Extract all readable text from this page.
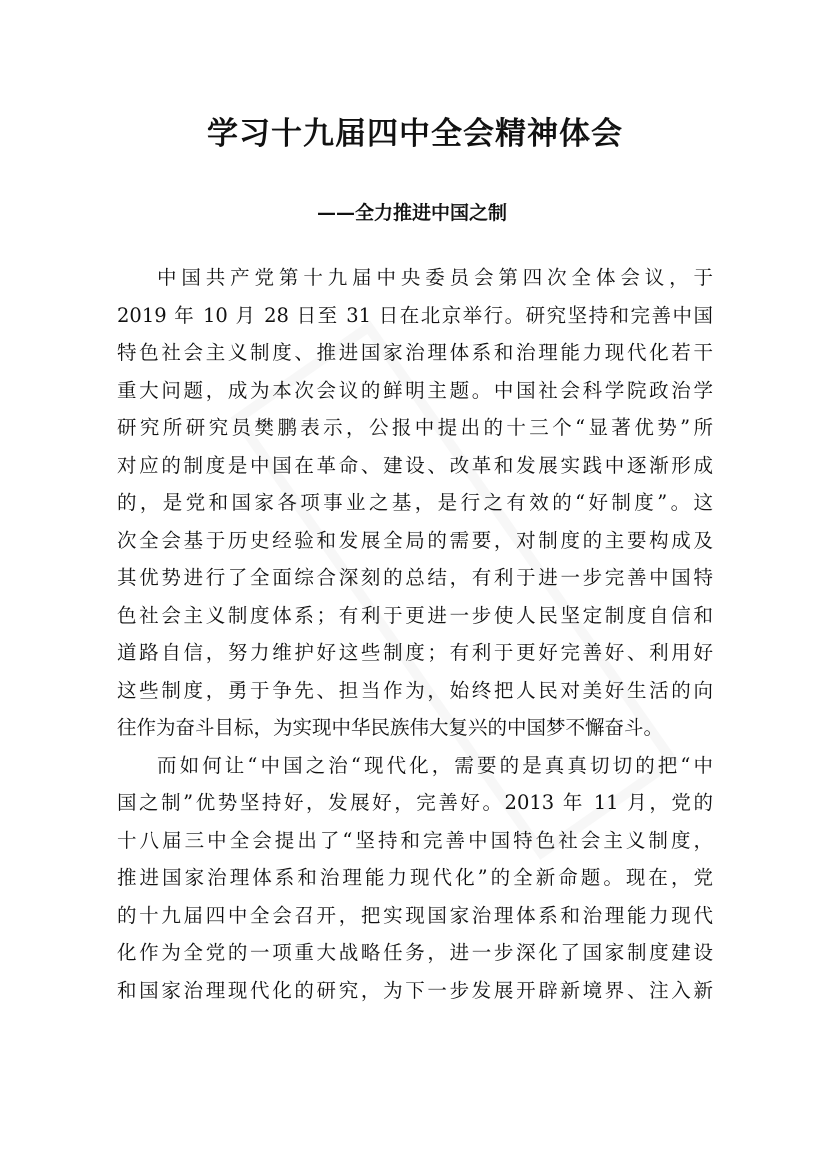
学习十九届四中全会精神体会

——全力推进中国之制

中国共产党第十九届中央委员会第四次全体会议，于
2019 年 10 月 28 日至 31 日在北京举行。研究坚持和完善中国
特色社会主义制度、推进国家治理体系和治理能力现代化若干
重大问题，成为本次会议的鲜明主题。中国社会科学院政治学
研究所研究员樊鹏表示，公报中提出的十三个“显著优势”所
对应的制度是中国在革命、建设、改革和发展实践中逐渐形成
的，是党和国家各项事业之基，是行之有效的“好制度”。这
次全会基于历史经验和发展全局的需要，对制度的主要构成及
其优势进行了全面综合深刻的总结，有利于进一步完善中国特
色社会主义制度体系；有利于更进一步使人民坚定制度自信和
道路自信，努力维护好这些制度；有利于更好完善好、利用好
这些制度，勇于争先、担当作为，始终把人民对美好生活的向
往作为奋斗目标，为实现中华民族伟大复兴的中国梦不懈奋斗。
而如何让“中国之治“现代化，需要的是真真切切的把“中
国之制”优势坚持好，发展好，完善好。2013 年 11 月，党的
十八届三中全会提出了“坚持和完善中国特色社会主义制度，
推进国家治理体系和治理能力现代化”的全新命题。现在，党
的十九届四中全会召开，把实现国家治理体系和治理能力现代
化作为全党的一项重大战略任务，进一步深化了国家制度建设
和国家治理现代化的研究，为下一步发展开辟新境界、注入新
